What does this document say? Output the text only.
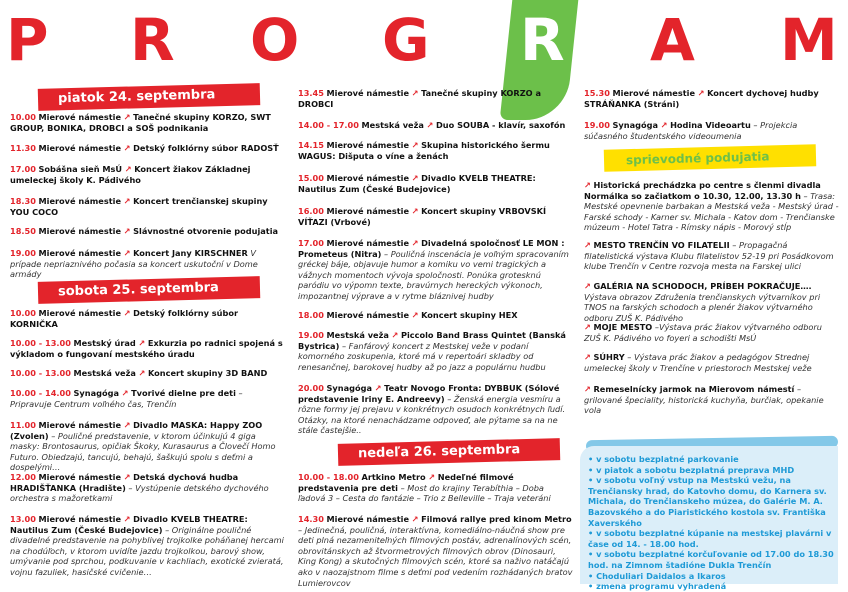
P R O G R A M
piatok 24. septembra
sobota 25. septembra
nedeľa 26. septembra
sprievodné podujatia
10.00 Mierové námestie ↗ Tanečné skupiny KORZO, SWT GROUP, BONIKA, DROBCI a SOŠ podnikania
11.30 Mierové námestie ↗ Detský folklórny súbor RADOSŤ
17.00 Sobášna sieň MsÚ ↗ Koncert žiakov Základnej umeleckej školy K. Pádivého
18.30 Mierové námestie ↗ Koncert trenčianskej skupiny YOU COCO
18.50 Mierové námestie ↗ Slávnostné otvorenie podujatia
19.00 Mierové námestie ↗ Koncert Jany KIRSCHNER V prípade nepriaznivého počasia sa koncert uskutoční v Dome armády
10.00 Mierové námestie ↗ Detský folklórny súbor KORNIČKA
10.00 - 13.00 Mestský úrad ↗ Exkurzia po radnici spojená s výkladom o fungovaní mestského úradu
10.00 - 13.00 Mestská veža ↗ Koncert skupiny 3D BAND
10.00 - 14.00 Synagóga ↗ Tvorivé dielne pre deti – Pripravuje Centrum voľného čas, Trenčín
11.00 Mierové námestie ↗ Divadlo MASKA: Happy ZOO (Zvolen) – Pouličné predstavenie, v ktorom účinkujú 4 giga masky: Brontosaurus, opičiak Škoky, Kurasaurus a Človečí Homo Futuro. Obiedzajú, tancujú, behajú, šaškujú spolu s deťmi a dospelými…
12.00 Mierové námestie ↗ Detská dychová hudba HRADIŠŤANKA (Hradište) – Vystúpenie detského dychového orchestra s mažoretkami
13.00 Mierové námestie ↗ Divadlo KVELB THEATRE: Nautilus Zum (České Budejovice) – Originálne pouličné divadelné predstavenie na pohyblivej trojkolke poháňanej hercami na chodúľoch, v ktorom uvidíte jazdu trojkolkou, barový show, umývanie pod sprchou, podkuvanie v kachliach, exotické zvieratá, vojnu fazuliek, hasičské cvičenie…
13.45 Mierové námestie ↗ Tanečné skupiny KORZO a DROBCI
14.00 - 17.00 Mestská veža ↗ Duo SOUBA - klavír, saxofón
14.15 Mierové námestie ↗ Skupina historického šermu WAGUS: Dišputa o víne a ženách
15.00 Mierové námestie ↗ Divadlo KVELB THEATRE: Nautilus Zum (České Budejovice)
16.00 Mierové námestie ↗ Koncert skupiny VRBOVSKÍ VÍŤAZI (Vrbové)
17.00 Mierové námestie ↗ Divadelná spoločnosť LE MON : Prometeus (Nitra) – Pouličná inscenácia je voľným spracovaním gréckej báje, objavuje humor a komiku vo vemi tragických a vážnych momentoch vývoja spoločnosti. Ponúka grotesknú paródiu vo výpomn texte, bravúrnych hereckých výkonoch, impozantnej výprave a v rytme bláznivej hudby
18.00 Mierové námestie ↗ Koncert skupiny HEX
19.00 Mestská veža ↗ Piccolo Band Brass Quintet (Banská Bystrica) – Fanfárový koncert z Mestskej veže v podaní komorného zoskupenia, ktoré má v repertoári skladby od renesančnej, barokovej hudby až po jazz a populárnu hudbu
20.00 Synagóga ↗ Teatr Novogo Fronta: DYBBUK (Sólové predstavenie Iriny E. Andreevy) – Ženská energia vesmíru a rôzne formy jej prejavu v konkrétnych osudoch konkrétnych ľudí. Otázky, na ktoré nenachádzame odpoveď, ale pýtame sa na ne stále častejšie..
10.00 - 18.00 Artkino Metro ↗ Nedeľné filmové predstavenia pre deti – Most do krajiny Terabíthia – Doba ľadová 3 – Cesta do fantázie – Trio z Belleville – Traja veteráni
14.30 Mierové námestie ↗ Filmová rallye pred kinom Metro – Jedinečná, pouličná, interaktívna, komediálno-náučná show pre deti plná nezameniteľných filmových postáv, adrenalínových scén, obrovitánskych až štvormetrových filmových obrov (Dinosauri, King Kong) a skutočných filmových scén, ktoré sa naživo natáčajú ako v naozajstnom filme s deťmi pod vedením rozhádaných bratov Lumierovcov
15.30 Mierové námestie ↗ Koncert dychovej hudby STRÁŇANKA (Stráni)
19.00 Synagóga ↗ Hodina Videoartu – Projekcia súčasného študentského videoumenia
↗ Historická prechádzka po centre s členmi divadla Normálka so začiatkom o 10.30, 12.00, 13.30 h – Trasa: Mestské opevnenie barbakan a Mestská veža - Mestský úrad - Farské schody - Karner sv. Michala - Katov dom - Trenčianske múzeum - Hotel Tatra - Rímsky nápis - Morový stĺp
↗ MESTO TRENČÍN VO FILATELII – Propagačná filatelistická výstava Klubu filatelistov 52-19 pri Posádkovom klube Trenčín v Centre rozvoja mesta na Farskej ulici
↗ GALÉRIA NA SCHODOCH, PRÍBEH POKRAČUJE…. Výstava obrazov Združenia trenčianskych výtvarníkov pri TNOS na farských schodoch a plenér žiakov výtvarného odboru ZUŠ K. Pádivého
↗ MOJE MESTO –Výstava prác žiakov výtvarného odboru ZUŠ K. Pádivého vo foyeri a schodišti MsÚ
↗ SÚHRY – Výstava prác žiakov a pedagógov Strednej umeleckej školy v Trenčíne v priestoroch Mestskej veže
↗ Remeselnícky jarmok na Mierovom námestí – grilované špeciality, historická kuchyňa, burčiak, opekanie vola
• v sobotu bezplatné parkovanie
• v piatok a sobotu bezplatná preprava MHD
• v sobotu voľný vstup na Mestskú vežu, na Trenčiansky hrad, do Katovho domu, do Karnera sv. Michala, do Trenčianskeho múzea, do Galérie M. A. Bazovského a do Piaristického kostola sv. Františka Xaverského
• v sobotu bezplatné kúpanie na mestskej plavárni v čase od 14. - 18.00 hod.
• v sobotu bezplatné korčuľovanie od 17.00 do 18.30 hod. na Zimnom štadióne Dukla Trenčín
• Choduliari Daidalos a Ikaros
• zmena programu vyhradená
